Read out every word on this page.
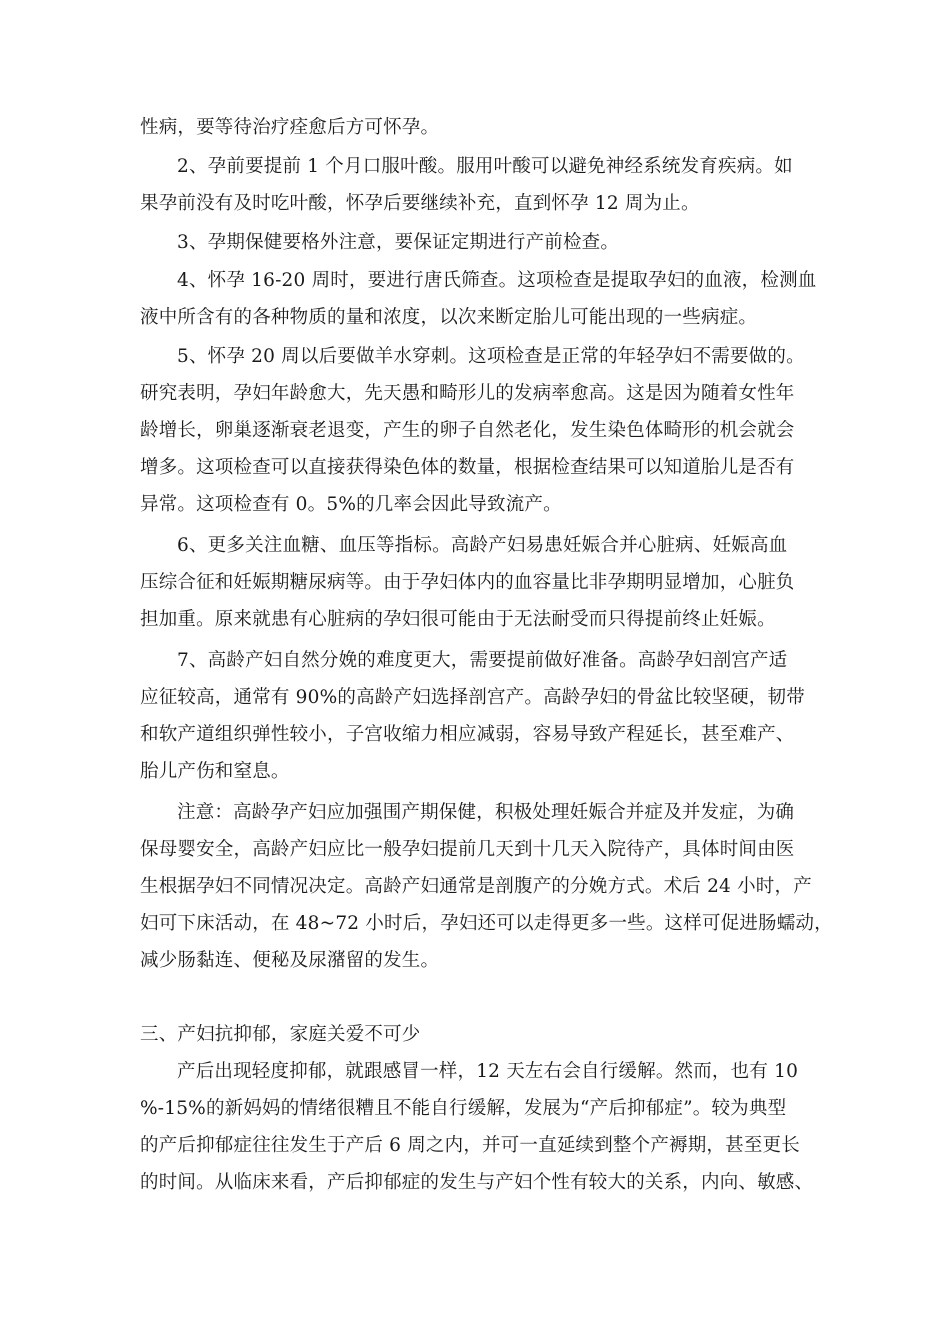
性病，要等待治疗痊愈后方可怀孕。
2、孕前要提前 1 个月口服叶酸。服用叶酸可以避免神经系统发育疾病。如
果孕前没有及时吃叶酸，怀孕后要继续补充，直到怀孕 12 周为止。
3、孕期保健要格外注意，要保证定期进行产前检查。
4、怀孕 16-20 周时，要进行唐氏筛查。这项检查是提取孕妇的血液，检测血
液中所含有的各种物质的量和浓度，以次来断定胎儿可能出现的一些病症。
5、怀孕 20 周以后要做羊水穿刺。这项检查是正常的年轻孕妇不需要做的。
研究表明，孕妇年龄愈大，先天愚和畸形儿的发病率愈高。这是因为随着女性年
龄增长，卵巢逐渐衰老退变，产生的卵子自然老化，发生染色体畸形的机会就会
增多。这项检查可以直接获得染色体的数量，根据检查结果可以知道胎儿是否有
异常。这项检查有 0。5%的几率会因此导致流产。
6、更多关注血糖、血压等指标。高龄产妇易患妊娠合并心脏病、妊娠高血
压综合征和妊娠期糖尿病等。由于孕妇体内的血容量比非孕期明显增加，心脏负
担加重。原来就患有心脏病的孕妇很可能由于无法耐受而只得提前终止妊娠。
7、高龄产妇自然分娩的难度更大，需要提前做好准备。高龄孕妇剖宫产适
应征较高，通常有 90%的高龄产妇选择剖宫产。高龄孕妇的骨盆比较坚硬，韧带
和软产道组织弹性较小，子宫收缩力相应减弱，容易导致产程延长，甚至难产、
胎儿产伤和窒息。
注意：高龄孕产妇应加强围产期保健，积极处理妊娠合并症及并发症，为确
保母婴安全，高龄产妇应比一般孕妇提前几天到十几天入院待产，具体时间由医
生根据孕妇不同情况决定。高龄产妇通常是剖腹产的分娩方式。术后 24 小时，产
妇可下床活动，在 48~72 小时后，孕妇还可以走得更多一些。这样可促进肠蠕动，
减少肠黏连、便秘及尿潴留的发生。
三、产妇抗抑郁，家庭关爱不可少
产后出现轻度抑郁，就跟感冒一样，12 天左右会自行缓解。然而，也有 10
%-15%的新妈妈的情绪很糟且不能自行缓解，发展为“产后抑郁症”。较为典型
的产后抑郁症往往发生于产后 6 周之内，并可一直延续到整个产褥期，甚至更长
的时间。从临床来看，产后抑郁症的发生与产妇个性有较大的关系，内向、敏感、
